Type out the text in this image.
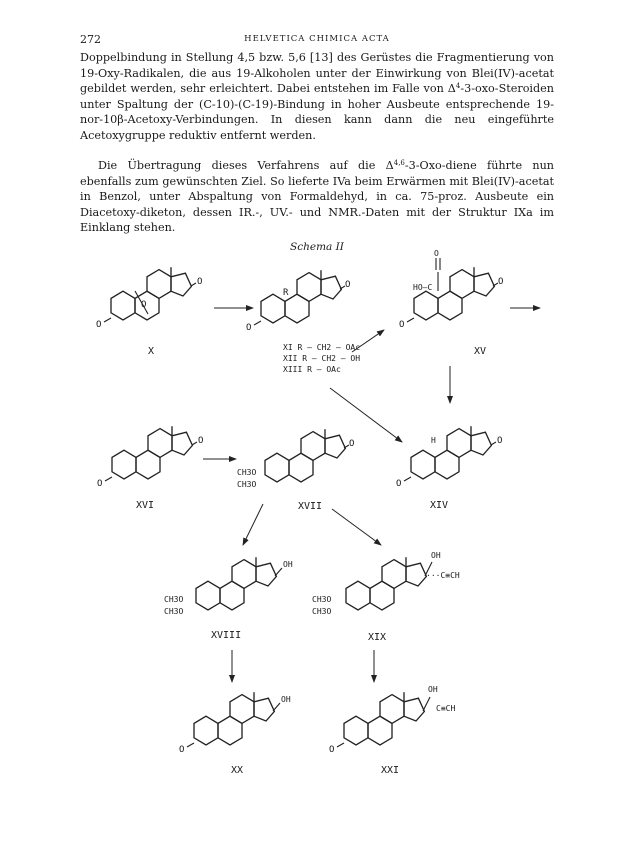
272	HELVETICA CHIMICA ACTA

Doppelbindung in Stellung 4,5 bzw. 5,6 [13] des Gerüstes die Fragmentierung von 19-Oxy-Radikalen, die aus 19-Alkoholen unter der Einwirkung von Blei(IV)-acetat gebildet werden, sehr erleichtert. Dabei entstehen im Falle von $\Delta^4-3-oxo$-Steroiden unter Spaltung der (C-10)-(C-19)-Bindung in hoher Ausbeute entsprechende 19-nor-10β-Acetoxy-Verbindungen. In diesen kann dann die neu eingeführte Acetoxygruppe reduktiv entfernt werden.

Die Übertragung dieses Verfahrens auf die Δ$^{4,6}$-3-Oxo-diene führte nun ebenfalls zum gewünschten Ziel. So lieferte IVa beim Erwärmen mit Blei(IV)-acetat in Benzol, unter Abspaltung von Formaldehyd, in ca. 75-proz. Ausbeute ein Diacetoxy-diketon, dessen IR.-, UV.- und NMR.-Daten mit der Struktur IXa im Einklang stehen.

Schema II
O
O
O
X
O
O
R
XI R – CH2 – OAc
XII R – CH2 – OH
XIII R – OAc
O
HO–C
O
O
XV
O
O
XVI
O
CH3O
CH3O
XVII
O
O
H
XIV
OH
CH3O
CH3O
XVIII
OH
···C≡CH
CH3O
CH3O
XIX
O
OH
XX
O
OH
C≡CH
XXI
